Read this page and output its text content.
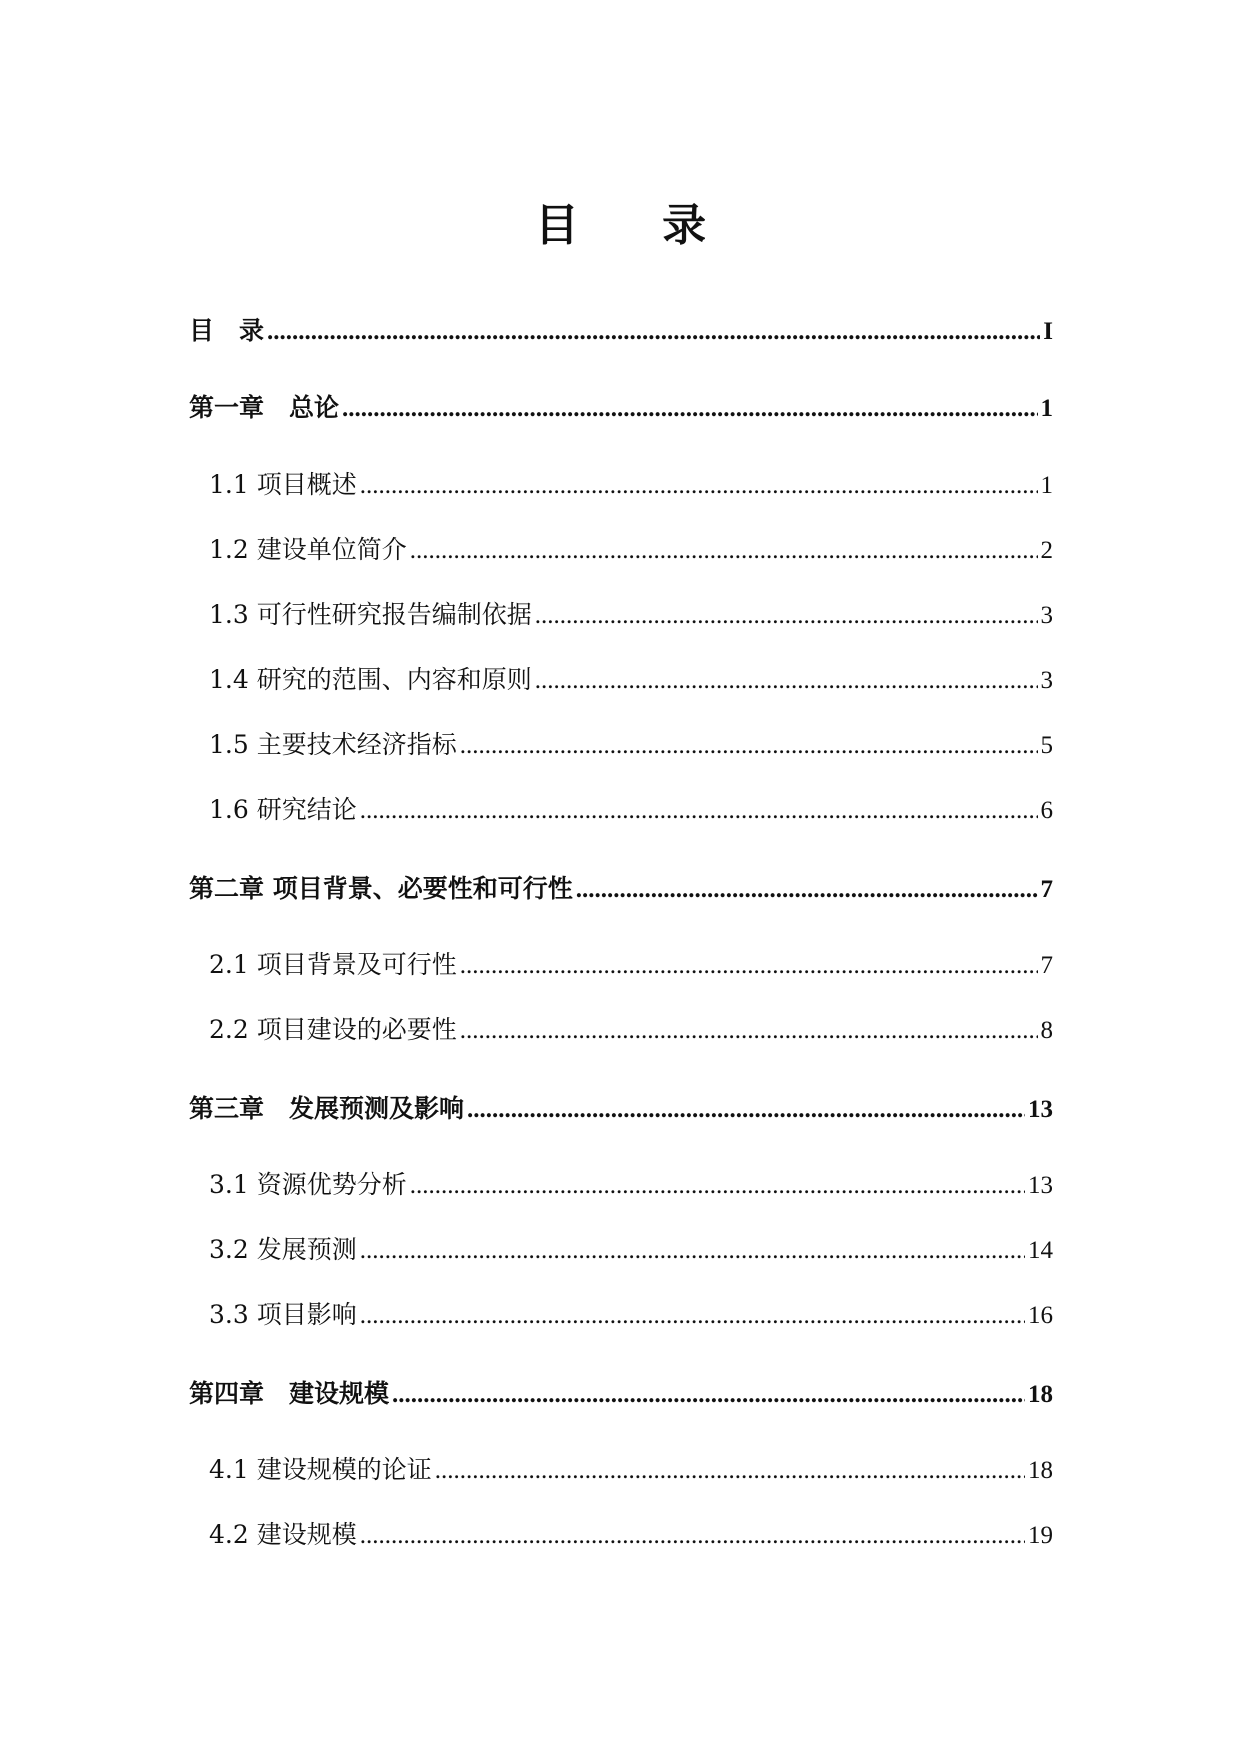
目 录
目　录 .....	I
第一章　总论 .....	1
1.1 项目概述 .....	1
1.2 建设单位简介 .....	2
1.3 可行性研究报告编制依据 .....	3
1.4 研究的范围、内容和原则 .....	3
1.5 主要技术经济指标 .....	5
1.6 研究结论 .....	6
第二章 项目背景、必要性和可行性 .....	7
2.1 项目背景及可行性 .....	7
2.2 项目建设的必要性 .....	8
第三章　发展预测及影响 .....	13
3.1 资源优势分析 .....	13
3.2 发展预测 .....	14
3.3 项目影响 .....	16
第四章　建设规模 .....	18
4.1 建设规模的论证 .....	18
4.2 建设规模 .....	19
